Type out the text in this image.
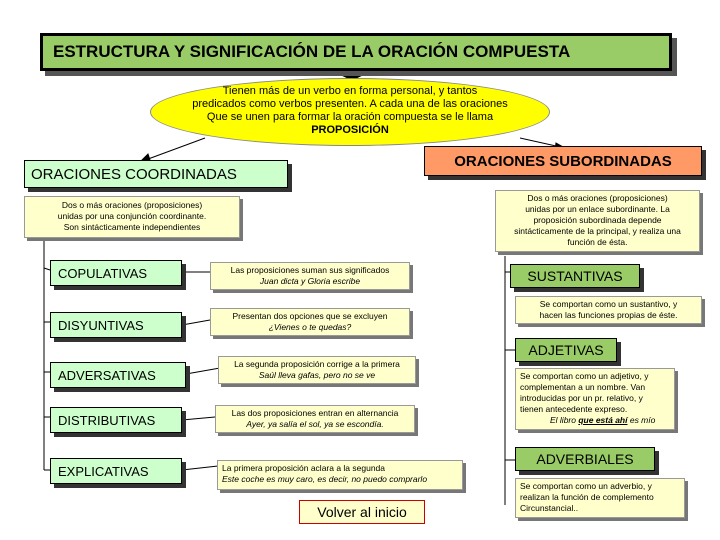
ESTRUCTURA Y SIGNIFICACIÓN DE LA ORACIÓN COMPUESTA
Tienen más de un verbo en forma personal, y tantos
predicados como verbos presenten. A cada una de las oraciones
Que se unen para formar la oración compuesta se le llama
PROPOSICIÓN
ORACIONES COORDINADAS
ORACIONES SUBORDINADAS
Dos o más oraciones (proposiciones)
unidas por una conjunción coordinante.
Son sintácticamente independientes
Dos o más oraciones (proposiciones)
unidas por un enlace subordinante. La
proposición subordinada depende
sintácticamente de la principal, y realiza una
función de ésta.
COPULATIVAS	Las proposiciones suman sus significados
Juan dicta y Gloria escribe
DISYUNTIVAS
Presentan dos opciones que se excluyen
¿Vienes o te quedas?
ADVERSATIVAS
La segunda proposición corrige a la primera
Saúl lleva gafas, pero no se ve
DISTRIBUTIVAS	Las dos proposiciones entran en alternancia
Ayer, ya salía el sol, ya se escondía.
EXPLICATIVAS	La primera proposición aclara a la segunda
Este coche es muy caro, es decir, no puedo comprarlo
SUSTANTIVAS
Se comportan como un sustantivo, y
hacen las funciones propias de éste.
ADJETIVAS
Se comportan como un adjetivo, y
complementan a un nombre. Van
introducidas por un pr. relativo, y
tienen antecedente expreso.
El libro que está ahí es mío
ADVERBIALES
Se comportan como un adverbio, y
realizan la función de complemento
Circunstancial..
Volver al inicio
